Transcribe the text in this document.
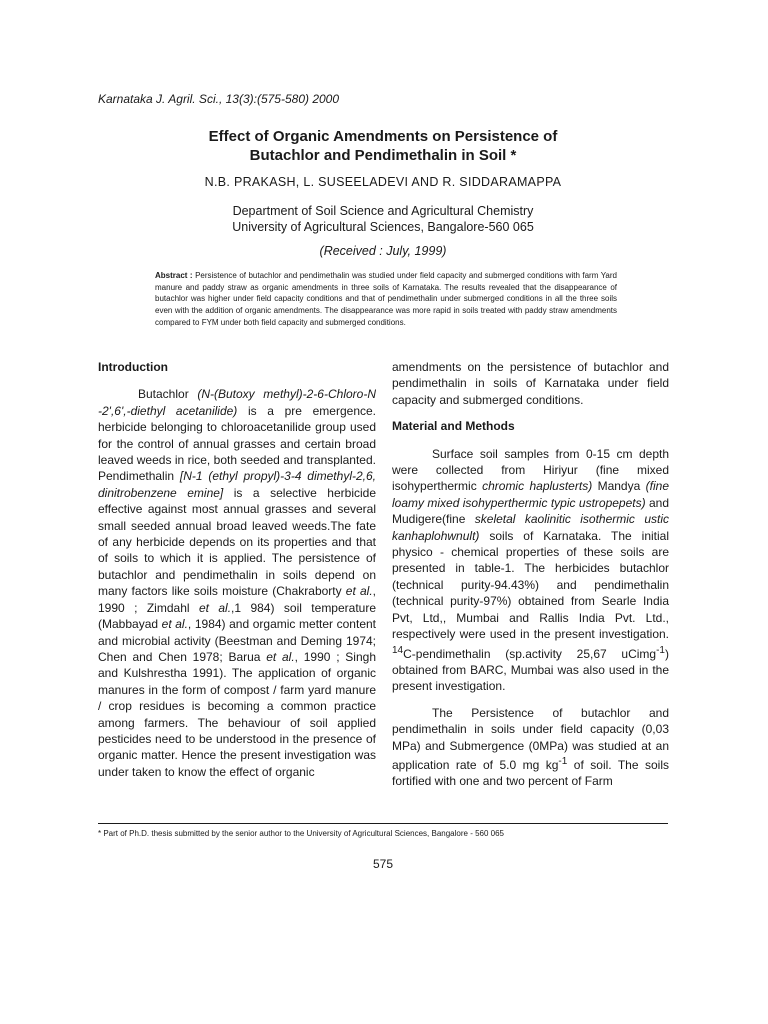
Karnataka J. Agril. Sci., 13(3):(575-580) 2000
Effect of Organic Amendments on Persistence of
Butachlor and Pendimethalin in Soil *
N.B. PRAKASH, L. SUSEELADEVI AND R. SIDDARAMAPPA
Department of Soil Science and Agricultural Chemistry
University of Agricultural Sciences, Bangalore-560 065
(Received : July, 1999)
Abstract : Persistence of butachlor and pendimethalin was studied under field capacity and submerged conditions with farm Yard manure and paddy straw as organic amendments in three soils of Karnataka. The results revealed that the disappearance of butachlor was higher under field capacity conditions and that of pendimethalin under submerged conditions in all the three soils even with the addition of organic amendments. The disappearance was more rapid in soils treated with paddy straw amendments compared to FYM under both field capacity and submerged conditions.
Introduction

Butachlor (N-(Butoxy methyl)-2-6-Chloro-N -2',6',-diethyl acetanilide) is a pre emergence. herbicide belonging to chloroacetanilide group used for the control of annual grasses and certain broad leaved weeds in rice, both seeded and transplanted. Pendimethalin [N-1 (ethyl propyl)-3-4 dimethyl-2,6, dinitrobenzene emine] is a selective herbicide effective against most annual grasses and several small seeded annual broad leaved weeds.The fate of any herbicide depends on its properties and that of soils to which it is applied. The persistence of butachlor and pendimethalin in soils depend on many factors like soils moisture (Chakraborty et al., 1990 ; Zimdahl et al.,1 984) soil temperature (Mabbayad et al., 1984) and orgamic metter content and microbial activity (Beestman and Deming 1974; Chen and Chen 1978; Barua et al., 1990 ; Singh and Kulshrestha 1991). The application of organic manures in the form of compost / farm yard manure / crop residues is becoming a common practice among farmers. The behaviour of soil applied pesticides need to be understood in the presence of organic matter. Hence the present investigation was under taken to know the effect of organic

amendments on the persistence of butachlor and pendimethalin in soils of Karnataka under field capacity and submerged conditions.

Material and Methods

Surface soil samples from 0-15 cm depth were collected from Hiriyur (fine mixed isohyperthermic chromic haplusterts) Mandya (fine loamy mixed isohyperthermic typic ustropepets) and Mudigere(fine skeletal kaolinitic isothermic ustic kanhaplohwnult) soils of Karnataka. The initial physico - chemical properties of these soils are presented in table-1. The herbicides butachlor (technical purity-94.43%) and pendimethalin (technical purity-97%) obtained from Searle India Pvt, Ltd,, Mumbai and Rallis India Pvt. Ltd., respectively were used in the present investigation. $^{14}$C-pendimethalin (sp.activity 25,67 uCimg$^{-1}$) obtained from BARC, Mumbai was also used in the present investigation.

The Persistence of butachlor and pendimethalin in soils under field capacity (0,03 MPa) and Submergence (0MPa) was studied at an application rate of 5.0 mg $kg^{-1}$ of soil. The soils fortified with one and two percent of Farm

* Part of Ph.D. thesis submitted by the senior author to the University of Agricultural Sciences, Bangalore - 560 065
575
